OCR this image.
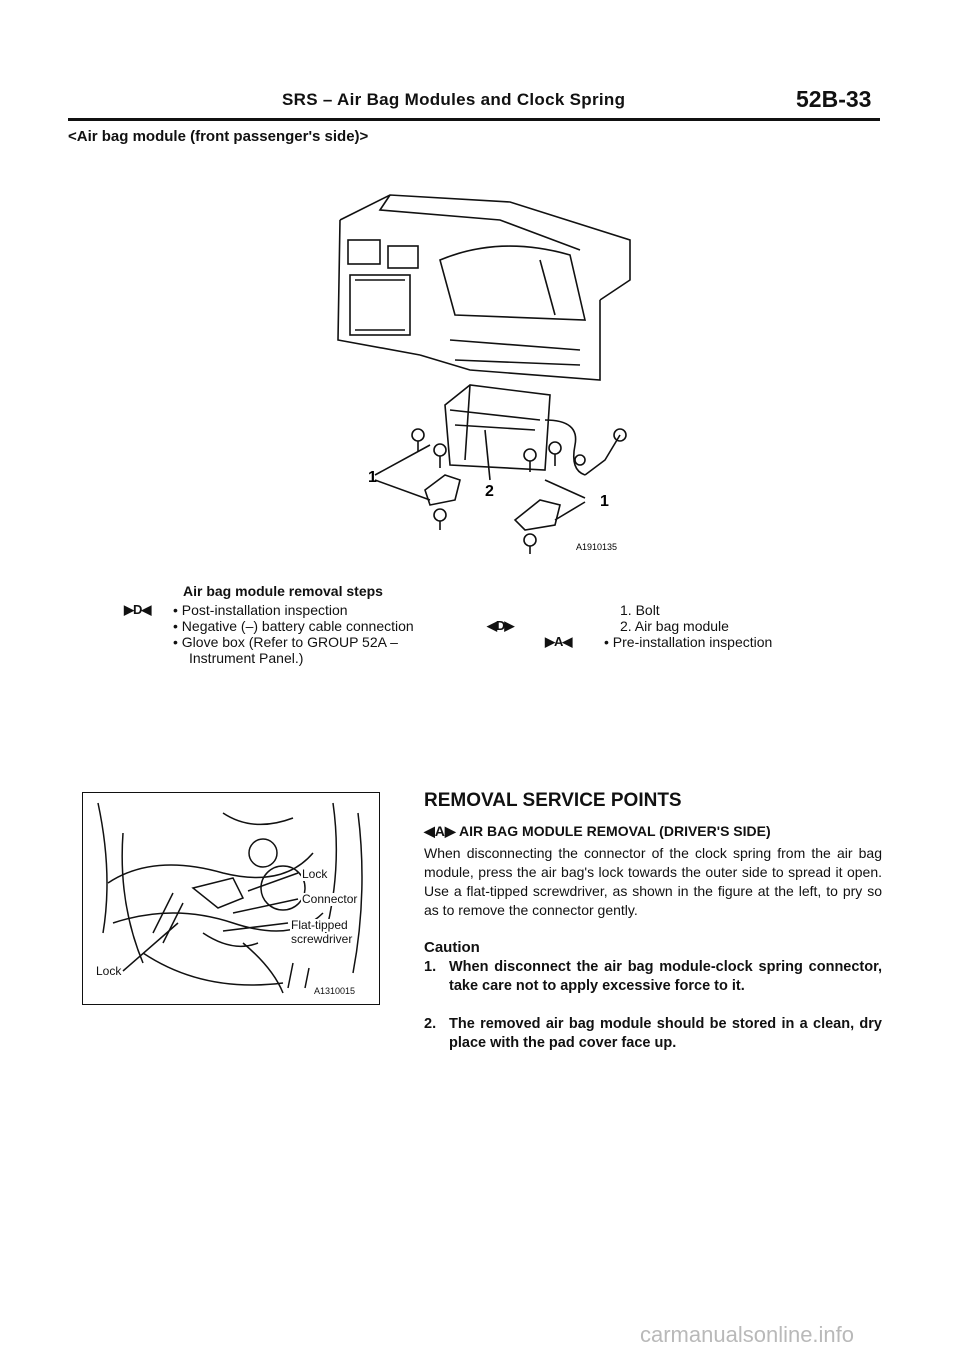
SRS – Air Bag Modules and Clock Spring	52B-33
<Air bag module (front passenger's side)>
1
2
1
A1910135
Air bag module removal steps
▶D◀ • Post-installation inspection
• Negative (–) battery cable connection
• Glove box (Refer to GROUP 52A –
Instrument Panel.)
1. Bolt
◀D▶	2. Air bag module
▶A◀ • Pre-installation inspection
Lock
Connector
Flat-tipped
screwdriver
Lock
A1310015
REMOVAL SERVICE POINTS
◀A▶ AIR BAG MODULE REMOVAL (DRIVER'S SIDE)
When disconnecting the connector of the clock spring from the air bag module, press the air bag's lock towards the outer side to spread it open. Use a flat-tipped screwdriver, as shown in the figure at the left, to pry so as to remove the connector gently.
Caution
1. When disconnect the air bag module-clock spring connector, take care not to apply excessive force to it.
2. The removed air bag module should be stored in a clean, dry place with the pad cover face up.
carmanualsonline.info
